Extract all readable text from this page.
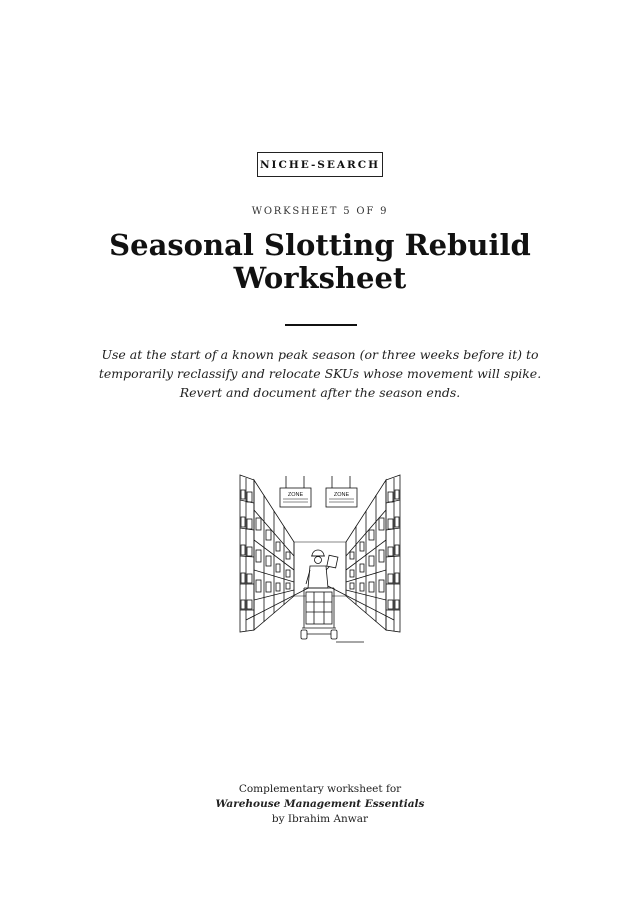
NICHE-SEARCH
WORKSHEET 5 OF 9
Seasonal Slotting Rebuild
Worksheet
Use at the start of a known peak season (or three weeks before it) to temporarily reclassify and relocate SKUs whose movement will spike. Revert and document after the season ends.
ZONE	ZONE
Complementary worksheet for
Warehouse Management Essentials
by Ibrahim Anwar
